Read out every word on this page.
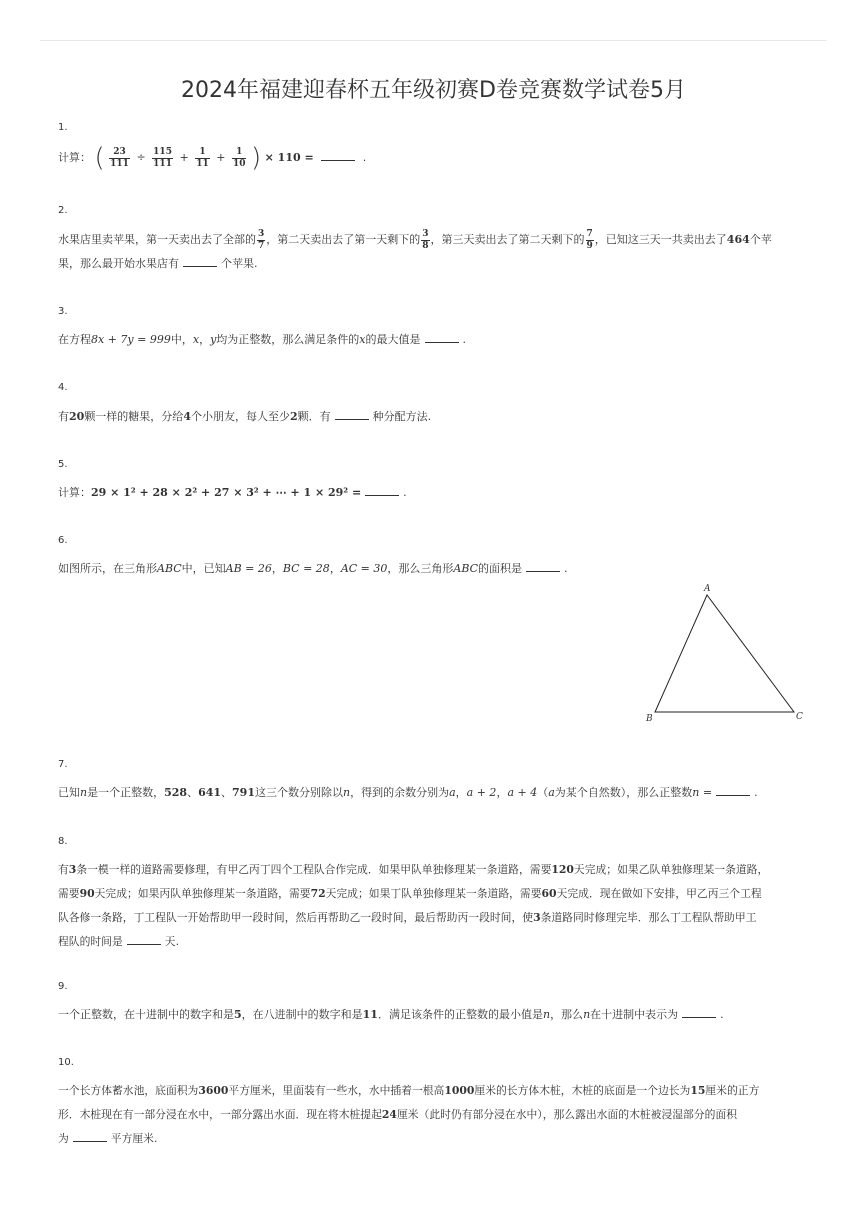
2024年福建迎春杯五年级初赛D卷竞赛数学试卷5月
1.
计算： ( $\frac{23}{111} \div \frac{115}{111} + \frac{1}{11} + \frac{1}{10}$ ) × 110 =	.
2.
水果店里卖苹果，第一天卖出去了全部的 $\frac{3}{7}$ ，第二天卖出去了第一天剩下的 $\frac{3}{8}$ ，第三天卖出去了第二天剩下的 $\frac{7}{9}$ ，已知这三天一共卖出去了464个苹
果，那么最开始水果店有	个苹果.
3.
在方程8x + 7y = 999中，x，y均为正整数，那么满足条件的x的最大值是	.
4.
有20颗一样的糖果，分给4个小朋友，每人至少2颗．有	种分配方法.
5.
计算：29 × 1² + 28 × 2² + 27 × 3² + ⋯ + 1 × 29² =	.
6.
如图所示，在三角形ABC中，已知AB = 26，BC = 28，AC = 30，那么三角形ABC的面积是	.
A
B	C
7.
已知n是一个正整数，528、641、791这三个数分别除以n，得到的余数分别为a，a + 2，a + 4（a为某个自然数），那么正整数n =	.
8.
有3条一模一样的道路需要修理，有甲乙丙丁四个工程队合作完成．如果甲队单独修理某一条道路，需要120天完成；如果乙队单独修理某一条道路，
需要90天完成；如果丙队单独修理某一条道路，需要72天完成；如果丁队单独修理某一条道路，需要60天完成．现在做如下安排，甲乙丙三个工程
队各修一条路，丁工程队一开始帮助甲一段时间，然后再帮助乙一段时间，最后帮助丙一段时间，使3条道路同时修理完毕．那么丁工程队帮助甲工
程队的时间是	天.
9.
一个正整数，在十进制中的数字和是5，在八进制中的数字和是11．满足该条件的正整数的最小值是n，那么n在十进制中表示为	.
10.
一个长方体蓄水池，底面积为3600平方厘米，里面装有一些水，水中插着一根高1000厘米的长方体木桩，木桩的底面是一个边长为15厘米的正方
形．木桩现在有一部分浸在水中，一部分露出水面．现在将木桩提起24厘米（此时仍有部分浸在水中），那么露出水面的木桩被浸湿部分的面积
为	平方厘米.
